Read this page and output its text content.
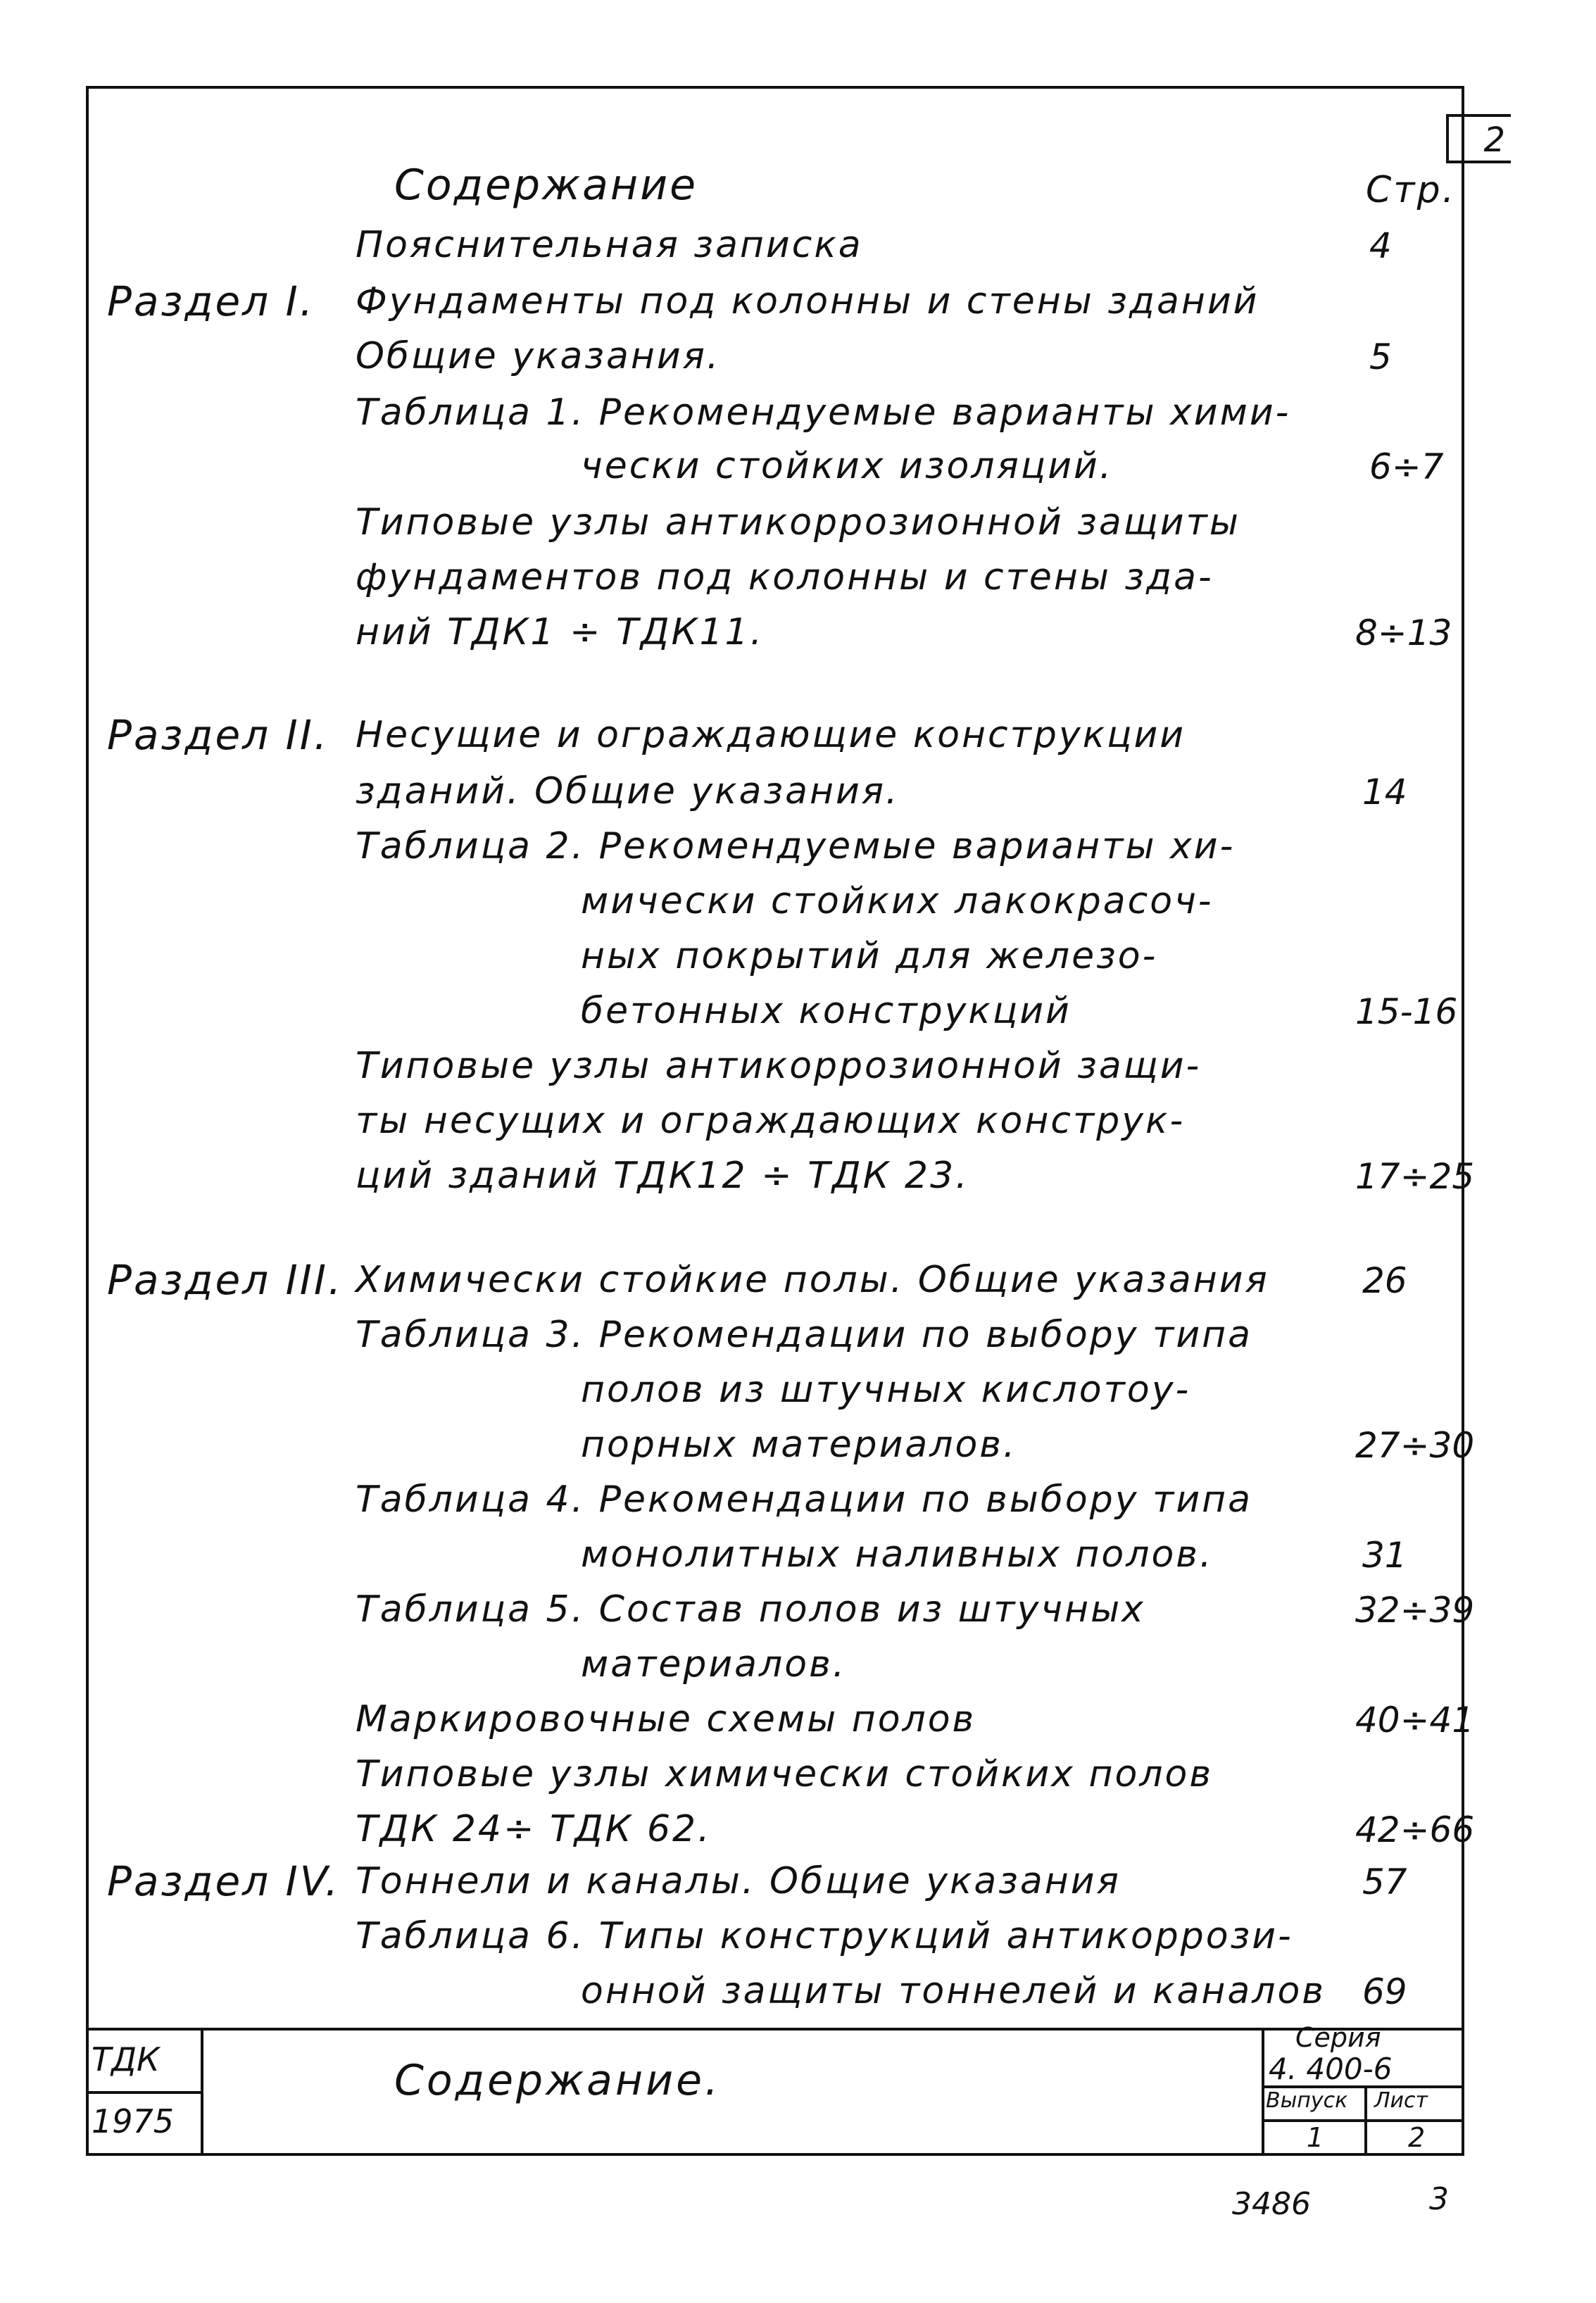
2
Содержание	Стр.
Пояснительная записка	4
Раздел I. Фундаменты под колонны и стены зданий
Общие указания.	5
Таблица 1. Рекомендуемые варианты хими-
чески стойких изоляций.	6÷7
Типовые узлы антикоррозионной защиты
фундаментов под колонны и стены зда-
ний ТДК1 ÷ ТДК11.	8÷13
Раздел II. Несущие и ограждающие конструкции
зданий. Общие указания.	14
Таблица 2. Рекомендуемые варианты хи-
мически стойких лакокрасоч-
ных покрытий для железо-
бетонных конструкций	15-16
Типовые узлы антикоррозионной защи-
ты несущих и ограждающих конструк-
ций зданий ТДК12 ÷ ТДК 23.	17÷25
Раздел III. Химически стойкие полы. Общие указания	26
Таблица 3. Рекомендации по выбору типа
полов из штучных кислотоу-
порных материалов.	27÷30
Таблица 4. Рекомендации по выбору типа
монолитных наливных полов.	31
Таблица 5. Состав полов из штучных	32÷39
материалов.
Маркировочные схемы полов	40÷41
Типовые узлы химически стойких полов
ТДК 24÷ ТДК 62.	42÷66
Раздел IV. Тоннели и каналы. Общие указания	57
Таблица 6. Типы конструкций антикоррози-
онной защиты тоннелей и каналов 69
ТДК
1975
Содержание.
Серия
4. 400-6
Выпуск Лист
1	2
3486	3
